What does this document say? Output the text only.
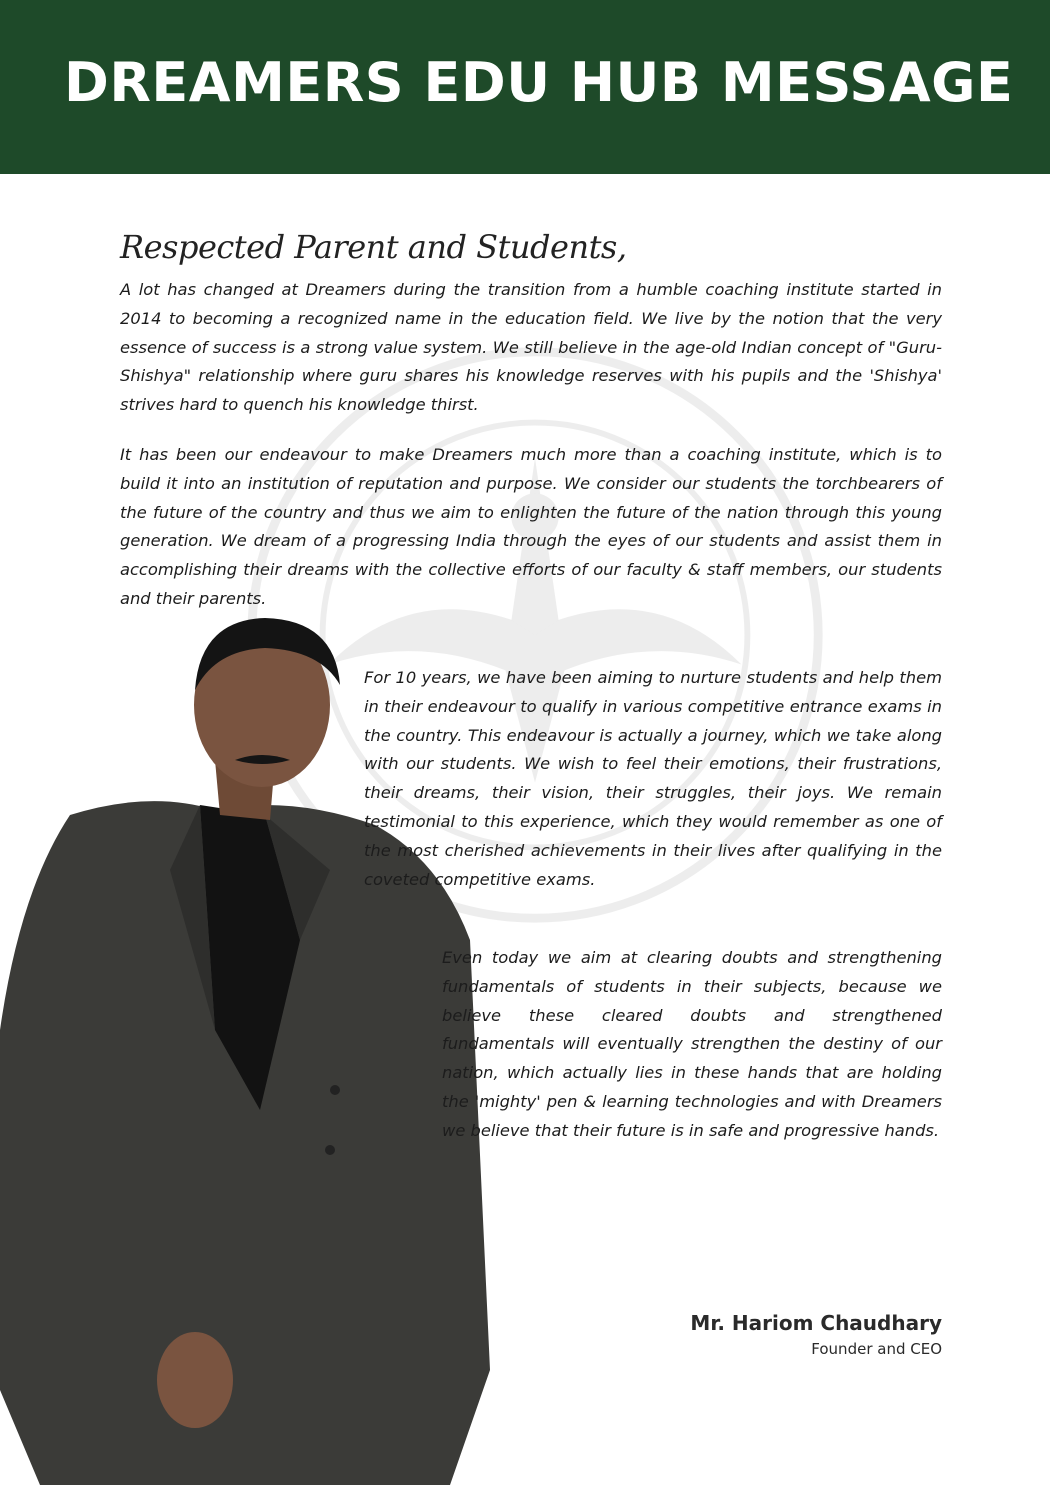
DREAMERS EDU HUB MESSAGE
Respected Parent and Students,

A lot has changed at Dreamers during the transition from a humble coaching institute started in 2014 to becoming a recognized name in the education field. We live by the notion that the very essence of success is a strong value system. We still believe in the age-old Indian concept of "Guru-Shishya" relationship where guru shares his knowledge reserves with his pupils and the 'Shishya' strives hard to quench his knowledge thirst.

It has been our endeavour to make Dreamers much more than a coaching institute, which is to build it into an institution of reputation and purpose. We consider our students the torchbearers of the future of the country and thus we aim to enlighten the future of the nation through this young generation. We dream of a progressing India through the eyes of our students and assist them in accomplishing their dreams with the collective efforts of our faculty & staff members, our students and their parents.

For 10 years, we have been aiming to nurture students and help them in their endeavour to qualify in various competitive entrance exams in the country. This endeavour is actually a journey, which we take along with our students. We wish to feel their emotions, their frustrations, their dreams, their vision, their struggles, their joys. We remain testimonial to this experience, which they would remember as one of the most cherished achievements in their lives after qualifying in the coveted competitive exams.

Even today we aim at clearing doubts and strengthening fundamentals of students in their subjects, because we believe these cleared doubts and strengthened fundamentals will eventually strengthen the destiny of our nation, which actually lies in these hands that are holding the 'mighty' pen & learning technologies and with Dreamers we believe that their future is in safe and progressive hands.

Mr. Hariom Chaudhary
Founder and CEO
